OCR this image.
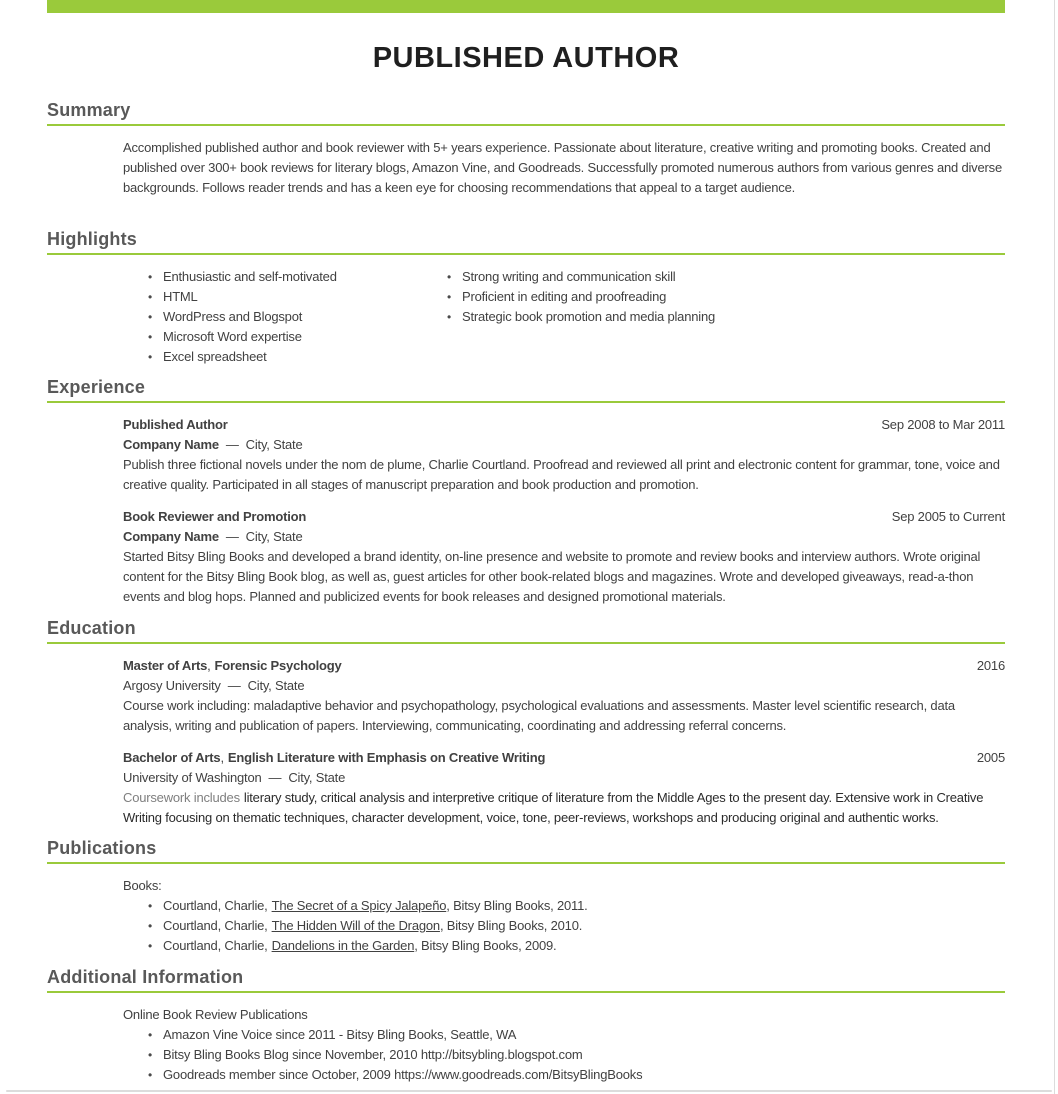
PUBLISHED AUTHOR
Summary

Accomplished published author and book reviewer with 5+ years experience. Passionate about literature, creative writing and promoting books. Created and published over 300+ book reviews for literary blogs, Amazon Vine, and Goodreads. Successfully promoted numerous authors from various genres and diverse backgrounds. Follows reader trends and has a keen eye for choosing recommendations that appeal to a target audience.

Highlights
• Enthusiastic and self-motivated
• HTML
• WordPress and Blogspot
• Microsoft Word expertise
• Excel spreadsheet
• Strong writing and communication skill
• Proficient in editing and proofreading
• Strategic book promotion and media planning
Experience
Published Author	Sep 2008 to Mar 2011

Company Name — City, State

Publish three fictional novels under the nom de plume, Charlie Courtland. Proofread and reviewed all print and electronic content for grammar, tone, voice and creative quality. Participated in all stages of manuscript preparation and book production and promotion.

Book Reviewer and Promotion	Sep 2005 to Current

Company Name — City, State

Started Bitsy Bling Books and developed a brand identity, on-line presence and website to promote and review books and interview authors. Wrote original content for the Bitsy Bling Book blog, as well as, guest articles for other book-related blogs and magazines. Wrote and developed giveaways, read-a-thon events and blog hops. Planned and publicized events for book releases and designed promotional materials.

Education
Master of Arts, Forensic Psychology	2016

Argosy University — City, State

Course work including: maladaptive behavior and psychopathology, psychological evaluations and assessments. Master level scientific research, data analysis, writing and publication of papers. Interviewing, communicating, coordinating and addressing referral concerns.

Bachelor of Arts, English Literature with Emphasis on Creative Writing	2005

University of Washington — City, State

Coursework includes literary study, critical analysis and interpretive critique of literature from the Middle Ages to the present day. Extensive work in Creative Writing focusing on thematic techniques, character development, voice, tone, peer-reviews, workshops and producing original and authentic works.

Publications

Books:

• Courtland, Charlie, The Secret of a Spicy Jalapeño, Bitsy Bling Books, 2011.
• Courtland, Charlie, The Hidden Will of the Dragon, Bitsy Bling Books, 2010.
• Courtland, Charlie, Dandelions in the Garden, Bitsy Bling Books, 2009.
Additional Information

Online Book Review Publications

• Amazon Vine Voice since 2011 - Bitsy Bling Books, Seattle, WA
• Bitsy Bling Books Blog since November, 2010 http://bitsybling.blogspot.com
• Goodreads member since October, 2009 https://www.goodreads.com/BitsyBlingBooks
